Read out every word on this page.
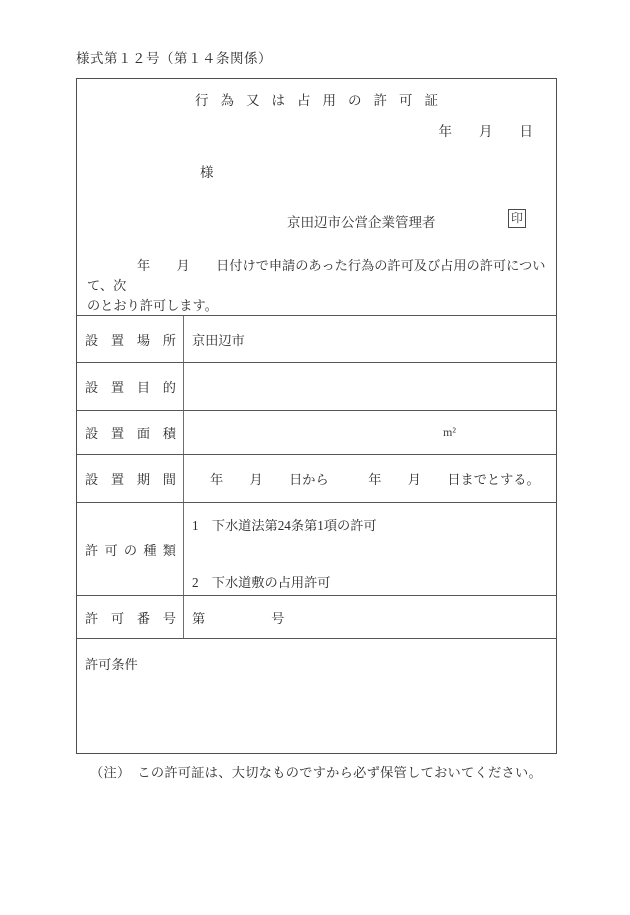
様式第１２号（第１４条関係）
行為又は占用の許可証
年　　月　　日
様
京田辺市公営企業管理者	印
年　　月　　日付けで申請のあった行為の許可及び占用の許可について、次
のとおり許可します。
設置場所	京田辺市
設置目的
設置面積	m²
設置期間	年　　月　　日から　　　年　　月　　日までとする。
許可の種類
1　下水道法第24条第1項の許可
2　下水道敷の占用許可
許可番号	第　　　　　号
許可条件
（注）　この許可証は、大切なものですから必ず保管しておいてください。
